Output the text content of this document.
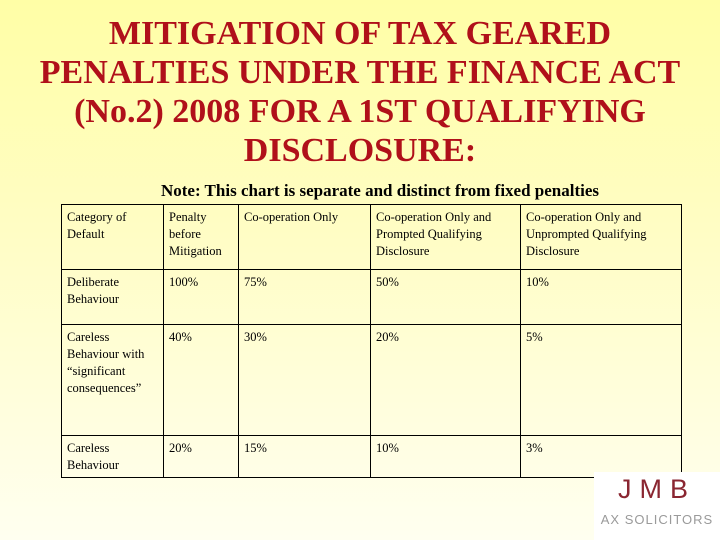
MITIGATION OF TAX GEARED
PENALTIES UNDER THE FINANCE ACT
(No.2) 2008 FOR A 1ST QUALIFYING
DISCLOSURE:
Note: This chart is separate and distinct from fixed penalties
Category of Default	Penalty before Mitigation	Co-operation Only	Co-operation Only and Prompted Qualifying Disclosure	Co-operation Only and Unprompted Qualifying Disclosure
Deliberate Behaviour	100%	75%	50%	10%
Careless Behaviour with “significant consequences”	40%	30%	20%	5%
Careless Behaviour	20%	15%	10%	3%
JMB
AX SOLICITORS
